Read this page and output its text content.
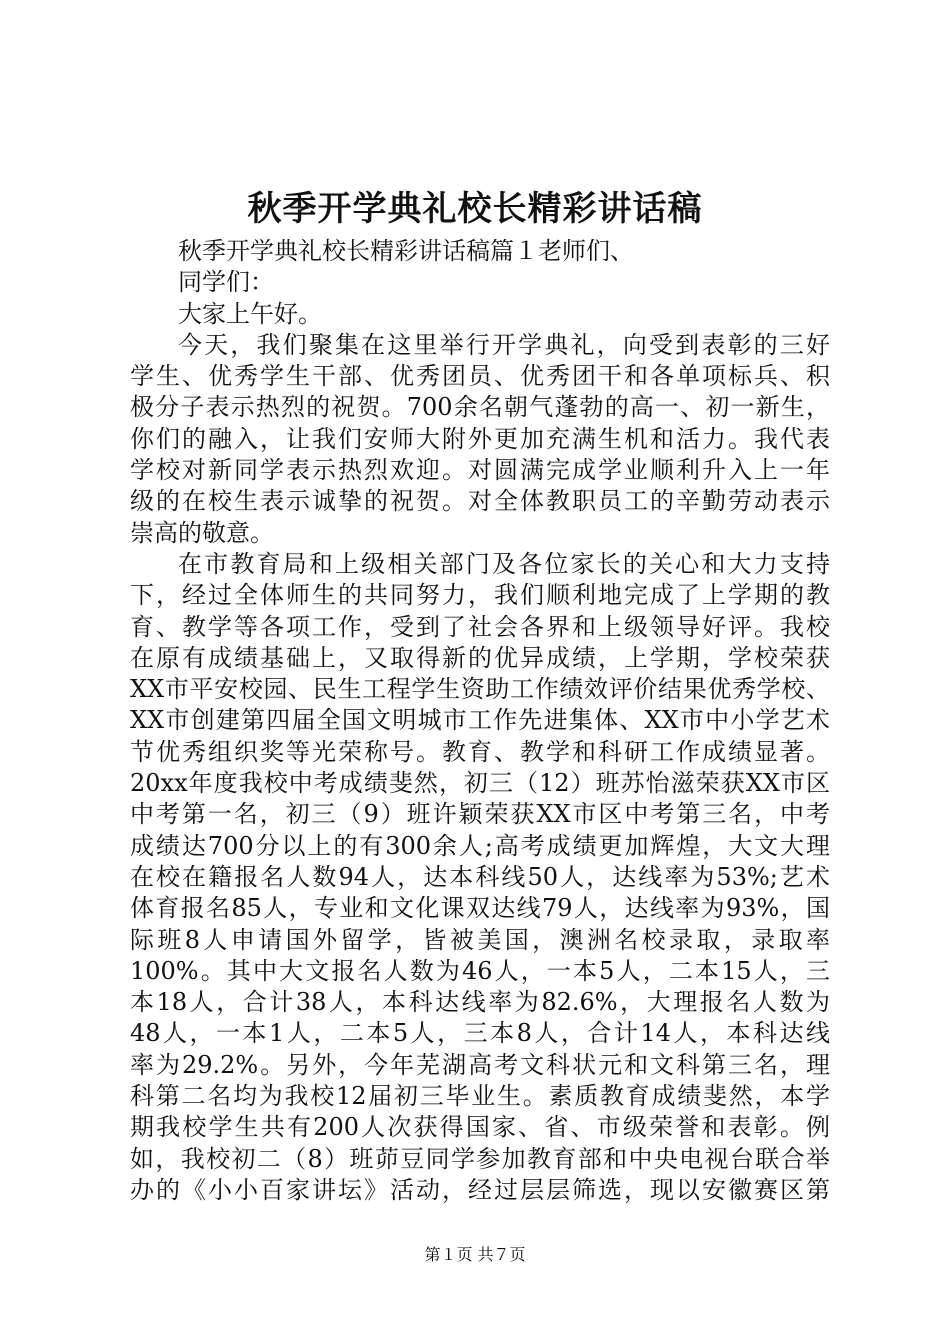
秋季开学典礼校长精彩讲话稿
秋季开学典礼校长精彩讲话稿篇１老师们、
同学们：
大家上午好。
今天，我们聚集在这里举行开学典礼，向受到表彰的三好
学生、优秀学生干部、优秀团员、优秀团干和各单项标兵、积
极分子表示热烈的祝贺。700余名朝气蓬勃的高一、初一新生，
你们的融入，让我们安师大附外更加充满生机和活力。我代表
学校对新同学表示热烈欢迎。对圆满完成学业顺利升入上一年
级的在校生表示诚挚的祝贺。对全体教职员工的辛勤劳动表示
崇高的敬意。
在市教育局和上级相关部门及各位家长的关心和大力支持
下，经过全体师生的共同努力，我们顺利地完成了上学期的教
育、教学等各项工作，受到了社会各界和上级领导好评。我校
在原有成绩基础上，又取得新的优异成绩，上学期，学校荣获
XX市平安校园、民生工程学生资助工作绩效评价结果优秀学校、
XX市创建第四届全国文明城市工作先进集体、XX市中小学艺术
节优秀组织奖等光荣称号。教育、教学和科研工作成绩显著。
20xx年度我校中考成绩斐然，初三（12）班苏怡滋荣获XX市区
中考第一名，初三（9）班许颖荣获XX市区中考第三名，中考
成绩达700分以上的有300余人;高考成绩更加辉煌，大文大理
在校在籍报名人数94人，达本科线50人，达线率为53%;艺术
体育报名85人，专业和文化课双达线79人，达线率为93%，国
际班8人申请国外留学，皆被美国，澳洲名校录取，录取率
100%。其中大文报名人数为46人，一本5人，二本15人，三
本18人，合计38人，本科达线率为82.6%，大理报名人数为
48人，一本1人，二本5人，三本8人，合计14人，本科达线
率为29.2%。另外，今年芜湖高考文科状元和文科第三名，理
科第二名均为我校12届初三毕业生。素质教育成绩斐然，本学
期我校学生共有200人次获得国家、省、市级荣誉和表彰。例
如，我校初二（8）班茆豆同学参加教育部和中央电视台联合举
办的《小小百家讲坛》活动，经过层层筛选，现以安徽赛区第
第１页 共７页
